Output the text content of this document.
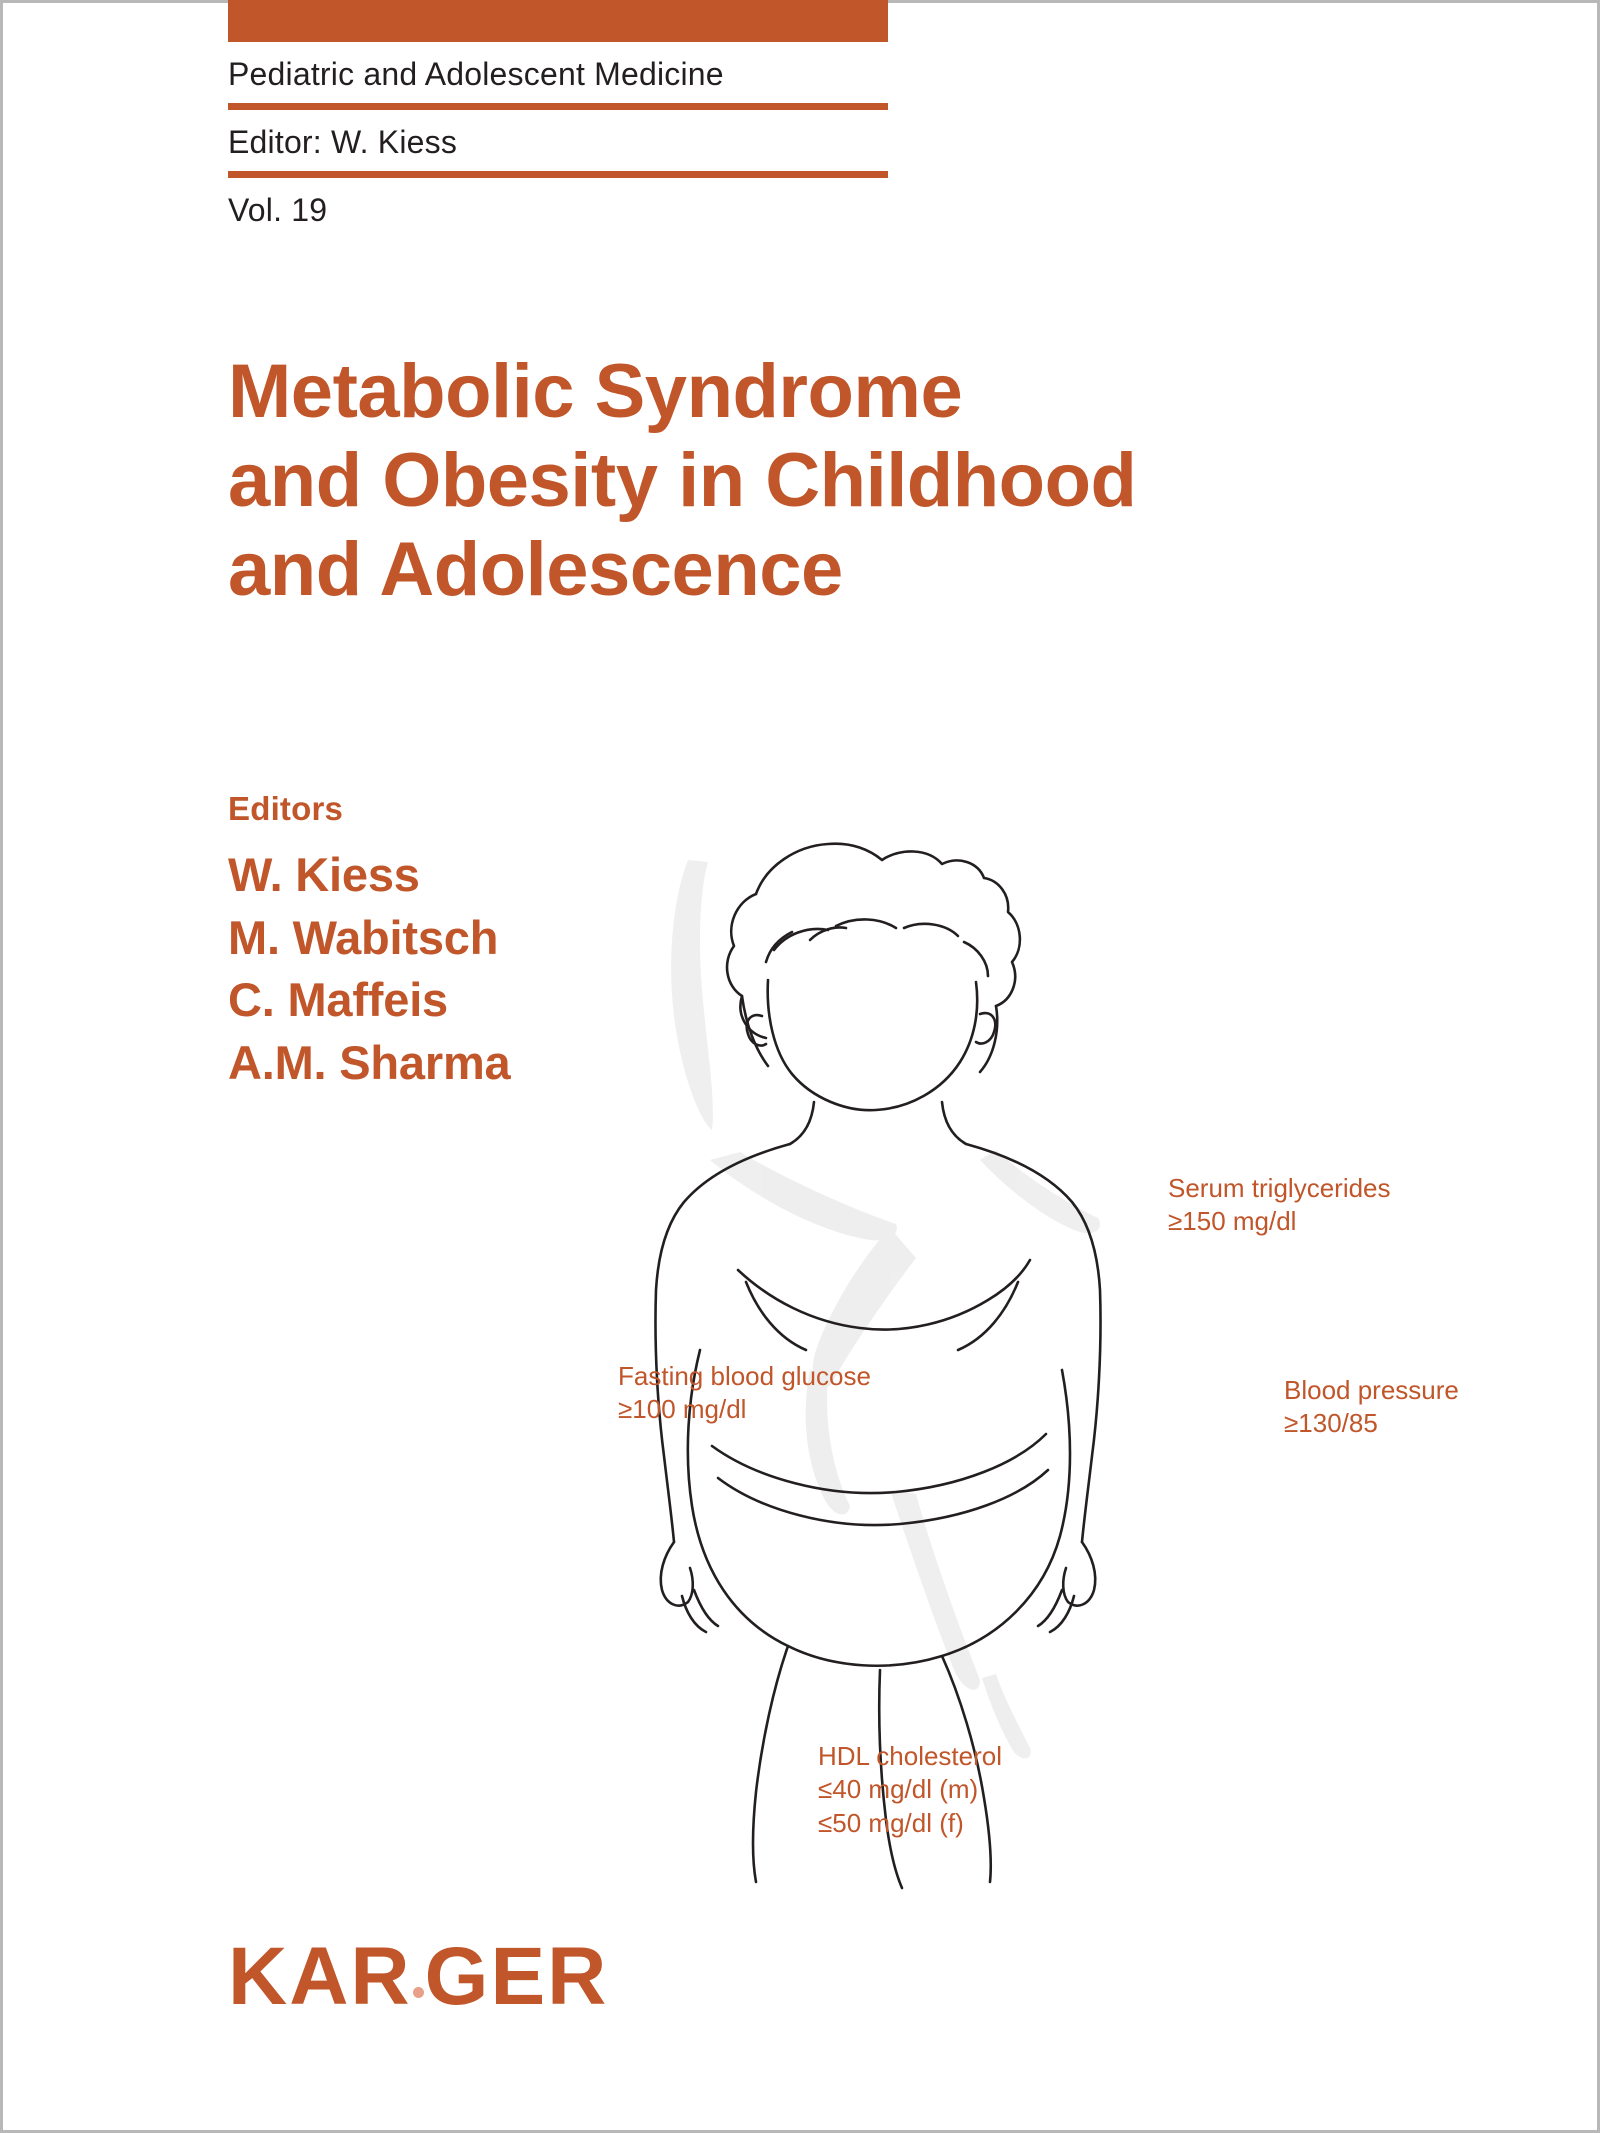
Pediatric and Adolescent Medicine
Editor: W. Kiess
Vol. 19
Metabolic Syndrome
and Obesity in Childhood
and Adolescence
Editors
W. Kiess
M. Wabitsch
C. Maffeis
A.M. Sharma
Serum triglycerides
≥150 mg/dl
Fasting blood glucose
≥100 mg/dl
Blood pressure
≥130/85
HDL cholesterol
≤40 mg/dl (m)
≤50 mg/dl (f)
KAR GER
